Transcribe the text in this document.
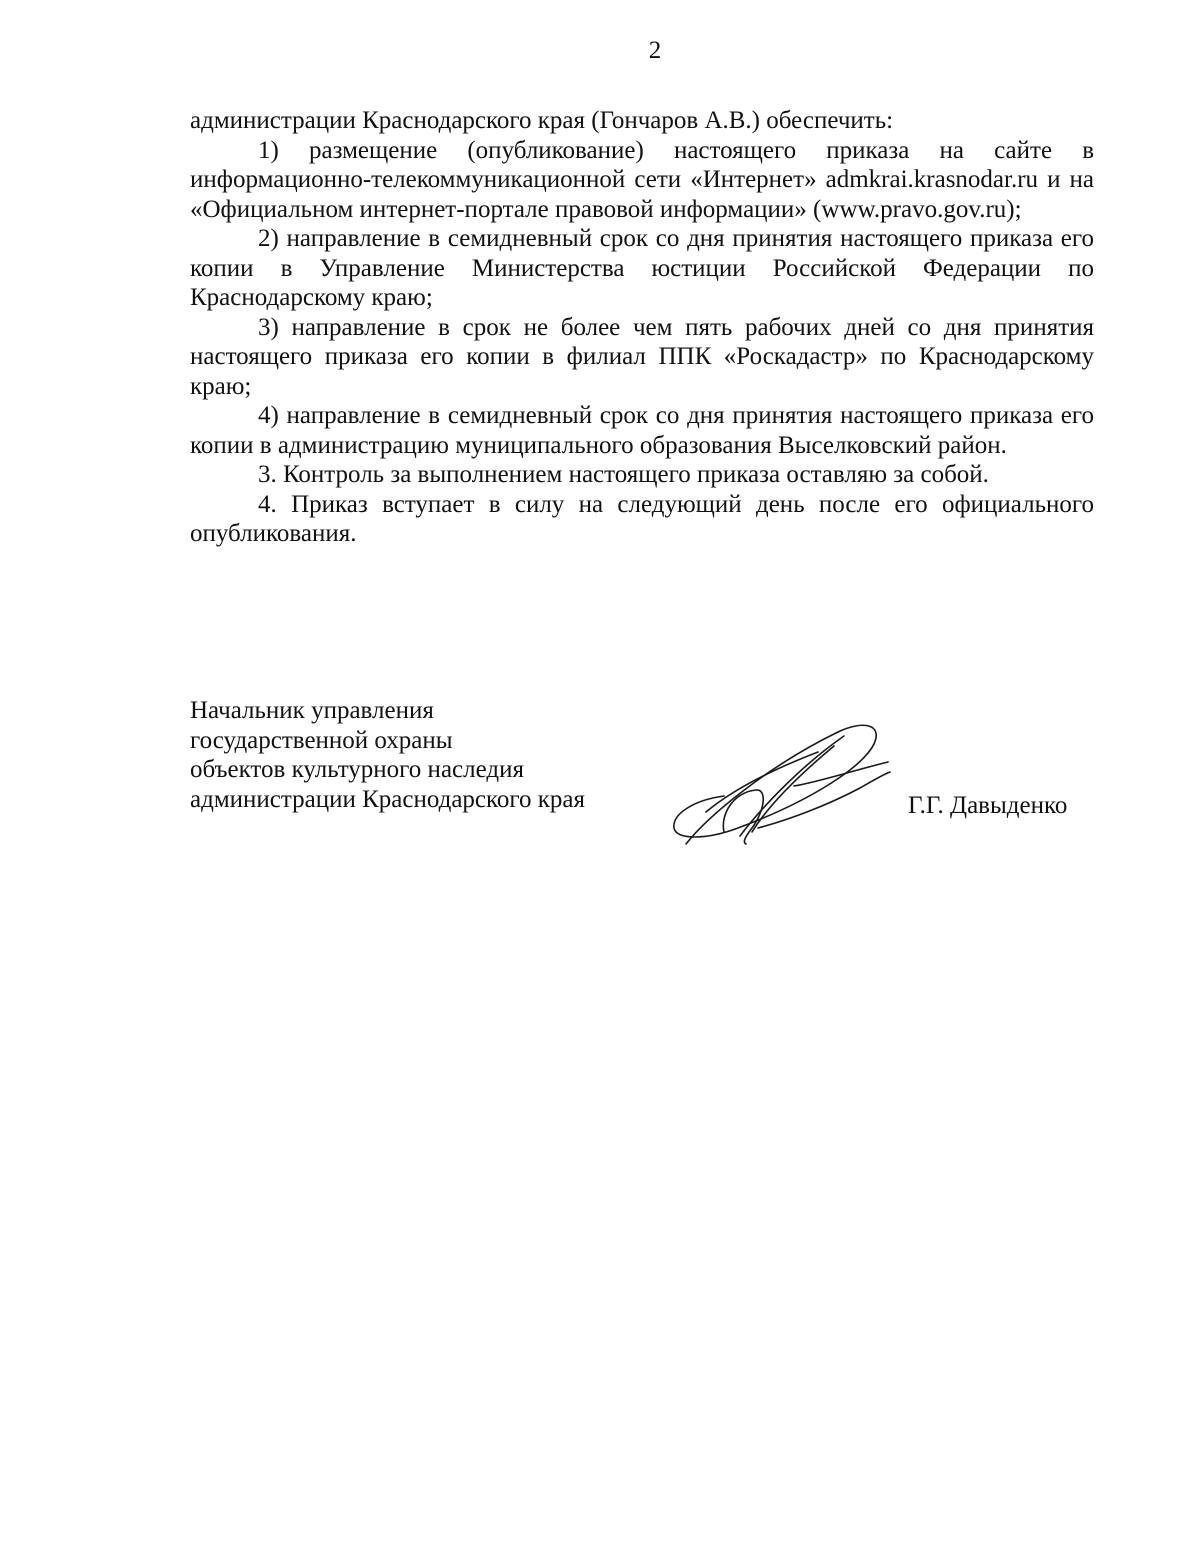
2

администрации Краснодарского края (Гончаров А.В.) обеспечить:

1) размещение (опубликование) настоящего приказа на сайте в информационно-телекоммуникационной сети «Интернет» admkrai.krasnodar.ru и на «Официальном интернет-портале правовой информации» (www.pravo.gov.ru);

2) направление в семидневный срок со дня принятия настоящего приказа его копии в Управление Министерства юстиции Российской Федерации по Краснодарскому краю;

3) направление в срок не более чем пять рабочих дней со дня принятия настоящего приказа его копии в филиал ППК «Роскадастр» по Краснодарскому краю;

4) направление в семидневный срок со дня принятия настоящего приказа его копии в администрацию муниципального образования Выселковский район.

3. Контроль за выполнением настоящего приказа оставляю за собой.

4. Приказ вступает в силу на следующий день после его официального опубликования.

Начальник управления
государственной охраны
объектов культурного наследия
администрации Краснодарского края	Г.Г. Давыденко
